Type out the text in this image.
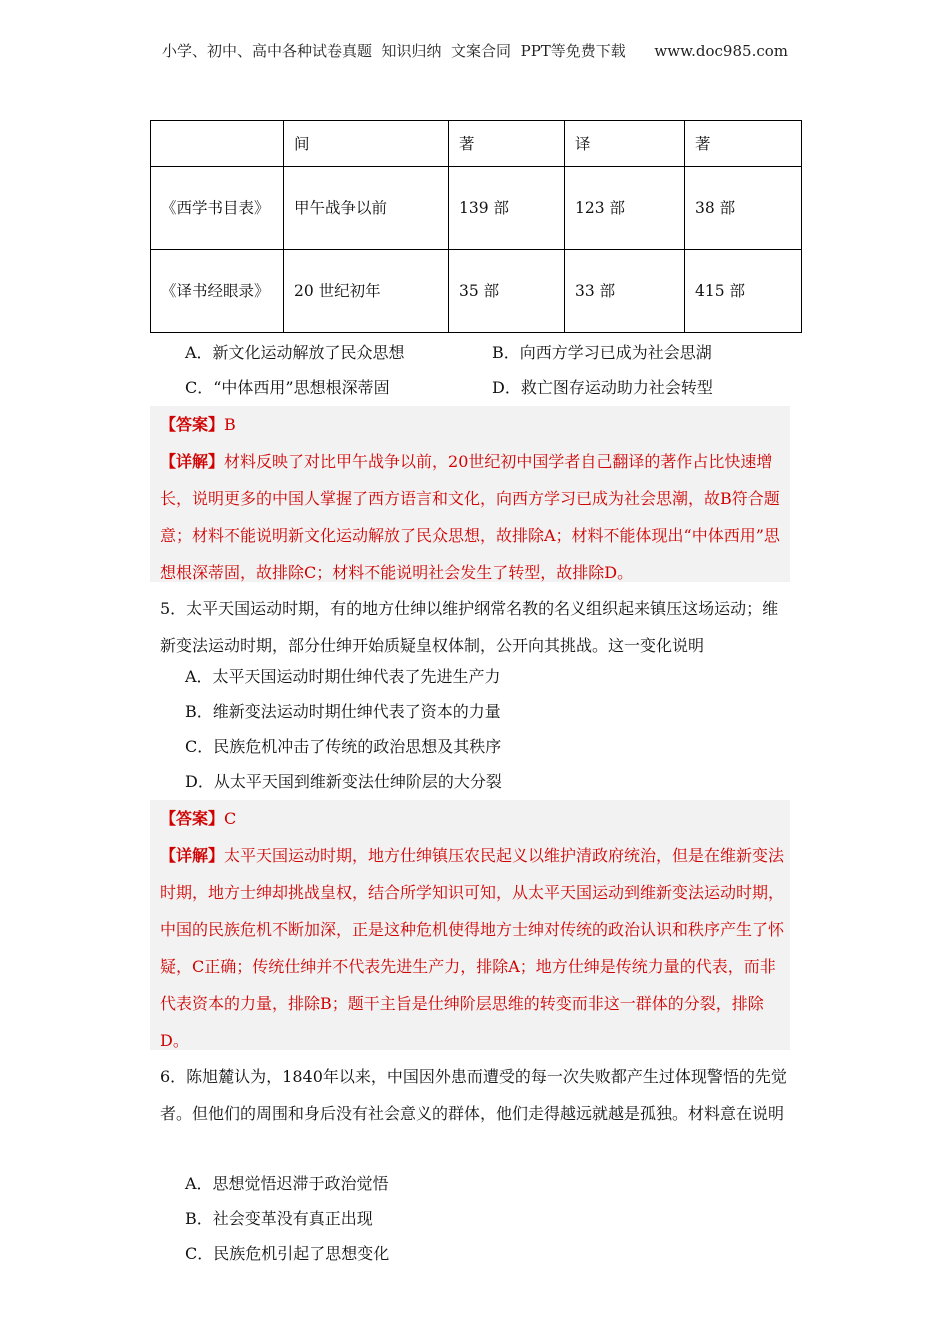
小学、初中、高中各种试卷真题  知识归纳  文案合同  PPT等免费下载      www.doc985.com
	间	著	译	著
《西学书目表》	甲午战争以前	139 部	123 部	38 部
《译书经眼录》	20 世纪初年	35 部	33 部	415 部
A．新文化运动解放了民众思想	B．向西方学习已成为社会思湖
C．“中体西用”思想根深蒂固	D．救亡图存运动助力社会转型

【答案】B

【详解】材料反映了对比甲午战争以前，20世纪初中国学者自己翻译的著作占比快速增长，说明更多的中国人掌握了西方语言和文化，向西方学习已成为社会思潮，故B符合题意；材料不能说明新文化运动解放了民众思想，故排除A；材料不能体现出“中体西用”思想根深蒂固，故排除C；材料不能说明社会发生了转型，故排除D。

5．太平天国运动时期，有的地方仕绅以维护纲常名教的名义组织起来镇压这场运动；维新变法运动时期，部分仕绅开始质疑皇权体制，公开向其挑战。这一变化说明

A．太平天国运动时期仕绅代表了先进生产力
B．维新变法运动时期仕绅代表了资本的力量
C．民族危机冲击了传统的政治思想及其秩序
D．从太平天国到维新变法仕绅阶层的大分裂

【答案】C

【详解】太平天国运动时期，地方仕绅镇压农民起义以维护清政府统治，但是在维新变法时期，地方士绅却挑战皇权，结合所学知识可知，从太平天国运动到维新变法运动时期，中国的民族危机不断加深，正是这种危机使得地方士绅对传统的政治认识和秩序产生了怀疑，C正确；传统仕绅并不代表先进生产力，排除A；地方仕绅是传统力量的代表，而非代表资本的力量，排除B；题干主旨是仕绅阶层思维的转变而非这一群体的分裂，排除D。

6．陈旭麓认为，1840年以来，中国因外患而遭受的每一次失败都产生过体现警悟的先觉者。但他们的周围和身后没有社会意义的群体，他们走得越远就越是孤独。材料意在说明

A．思想觉悟迟滞于政治觉悟
B．社会变革没有真正出现
C．民族危机引起了思想变化
